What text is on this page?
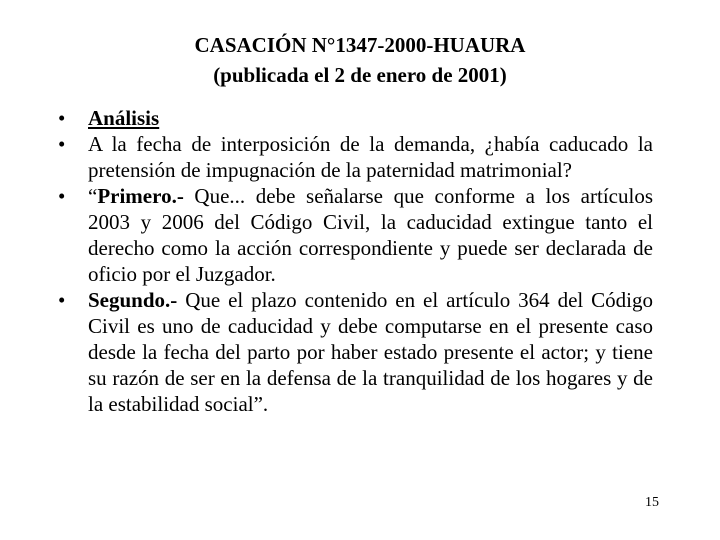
CASACIÓN N°1347-2000-HUAURA
(publicada el 2 de enero de 2001)
•	Análisis
•	A la fecha de interposición de la demanda, ¿había caducado la pretensión de impugnación de la paternidad matrimonial?
•	“Primero.- Que... debe señalarse que conforme a los artículos 2003 y 2006 del Código Civil, la caducidad extingue tanto el derecho como la acción correspondiente y puede ser declarada de oficio por el Juzgador.
•	Segundo.- Que el plazo contenido en el artículo 364 del Código Civil es uno de caducidad y debe computarse en el presente caso desde la fecha del parto por haber estado presente el actor; y tiene su razón de ser en la defensa de la tranquilidad de los hogares y de la estabilidad social”.
15
